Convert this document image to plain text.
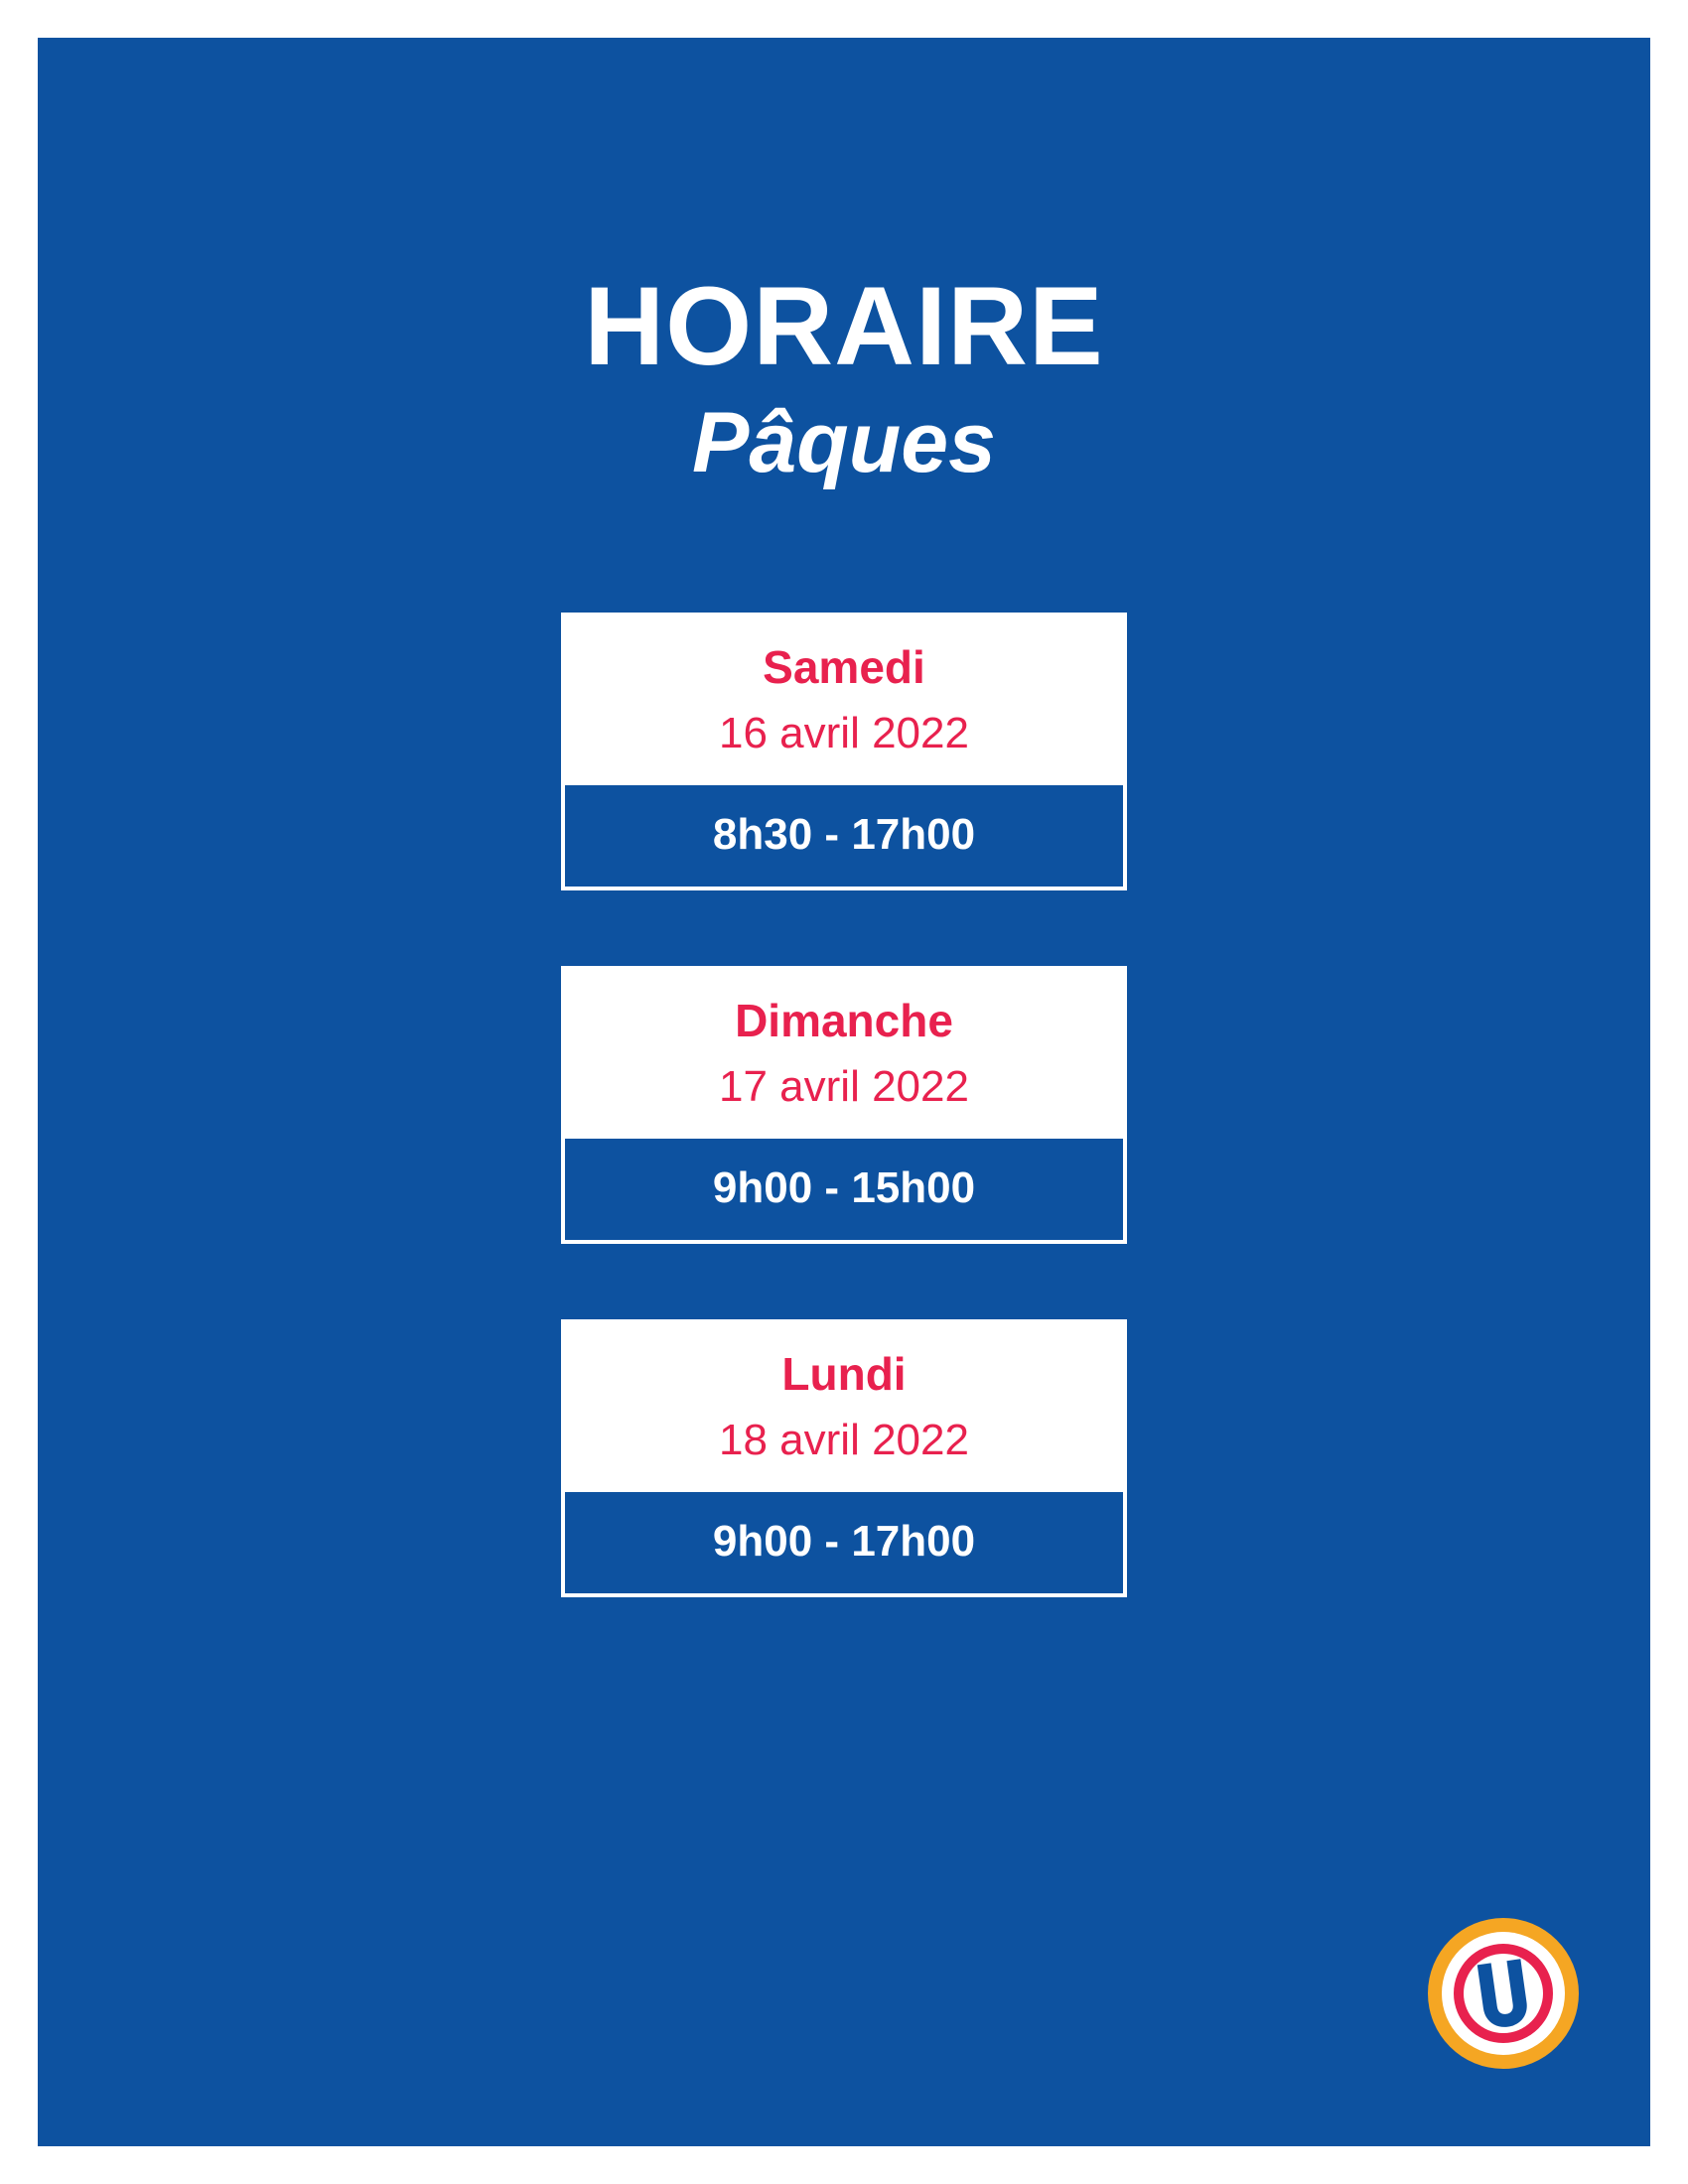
HORAIRE
Pâques
Samedi
16 avril 2022
8h30 - 17h00
Dimanche
17 avril 2022
9h00 - 15h00
Lundi
18 avril 2022
9h00 - 17h00
